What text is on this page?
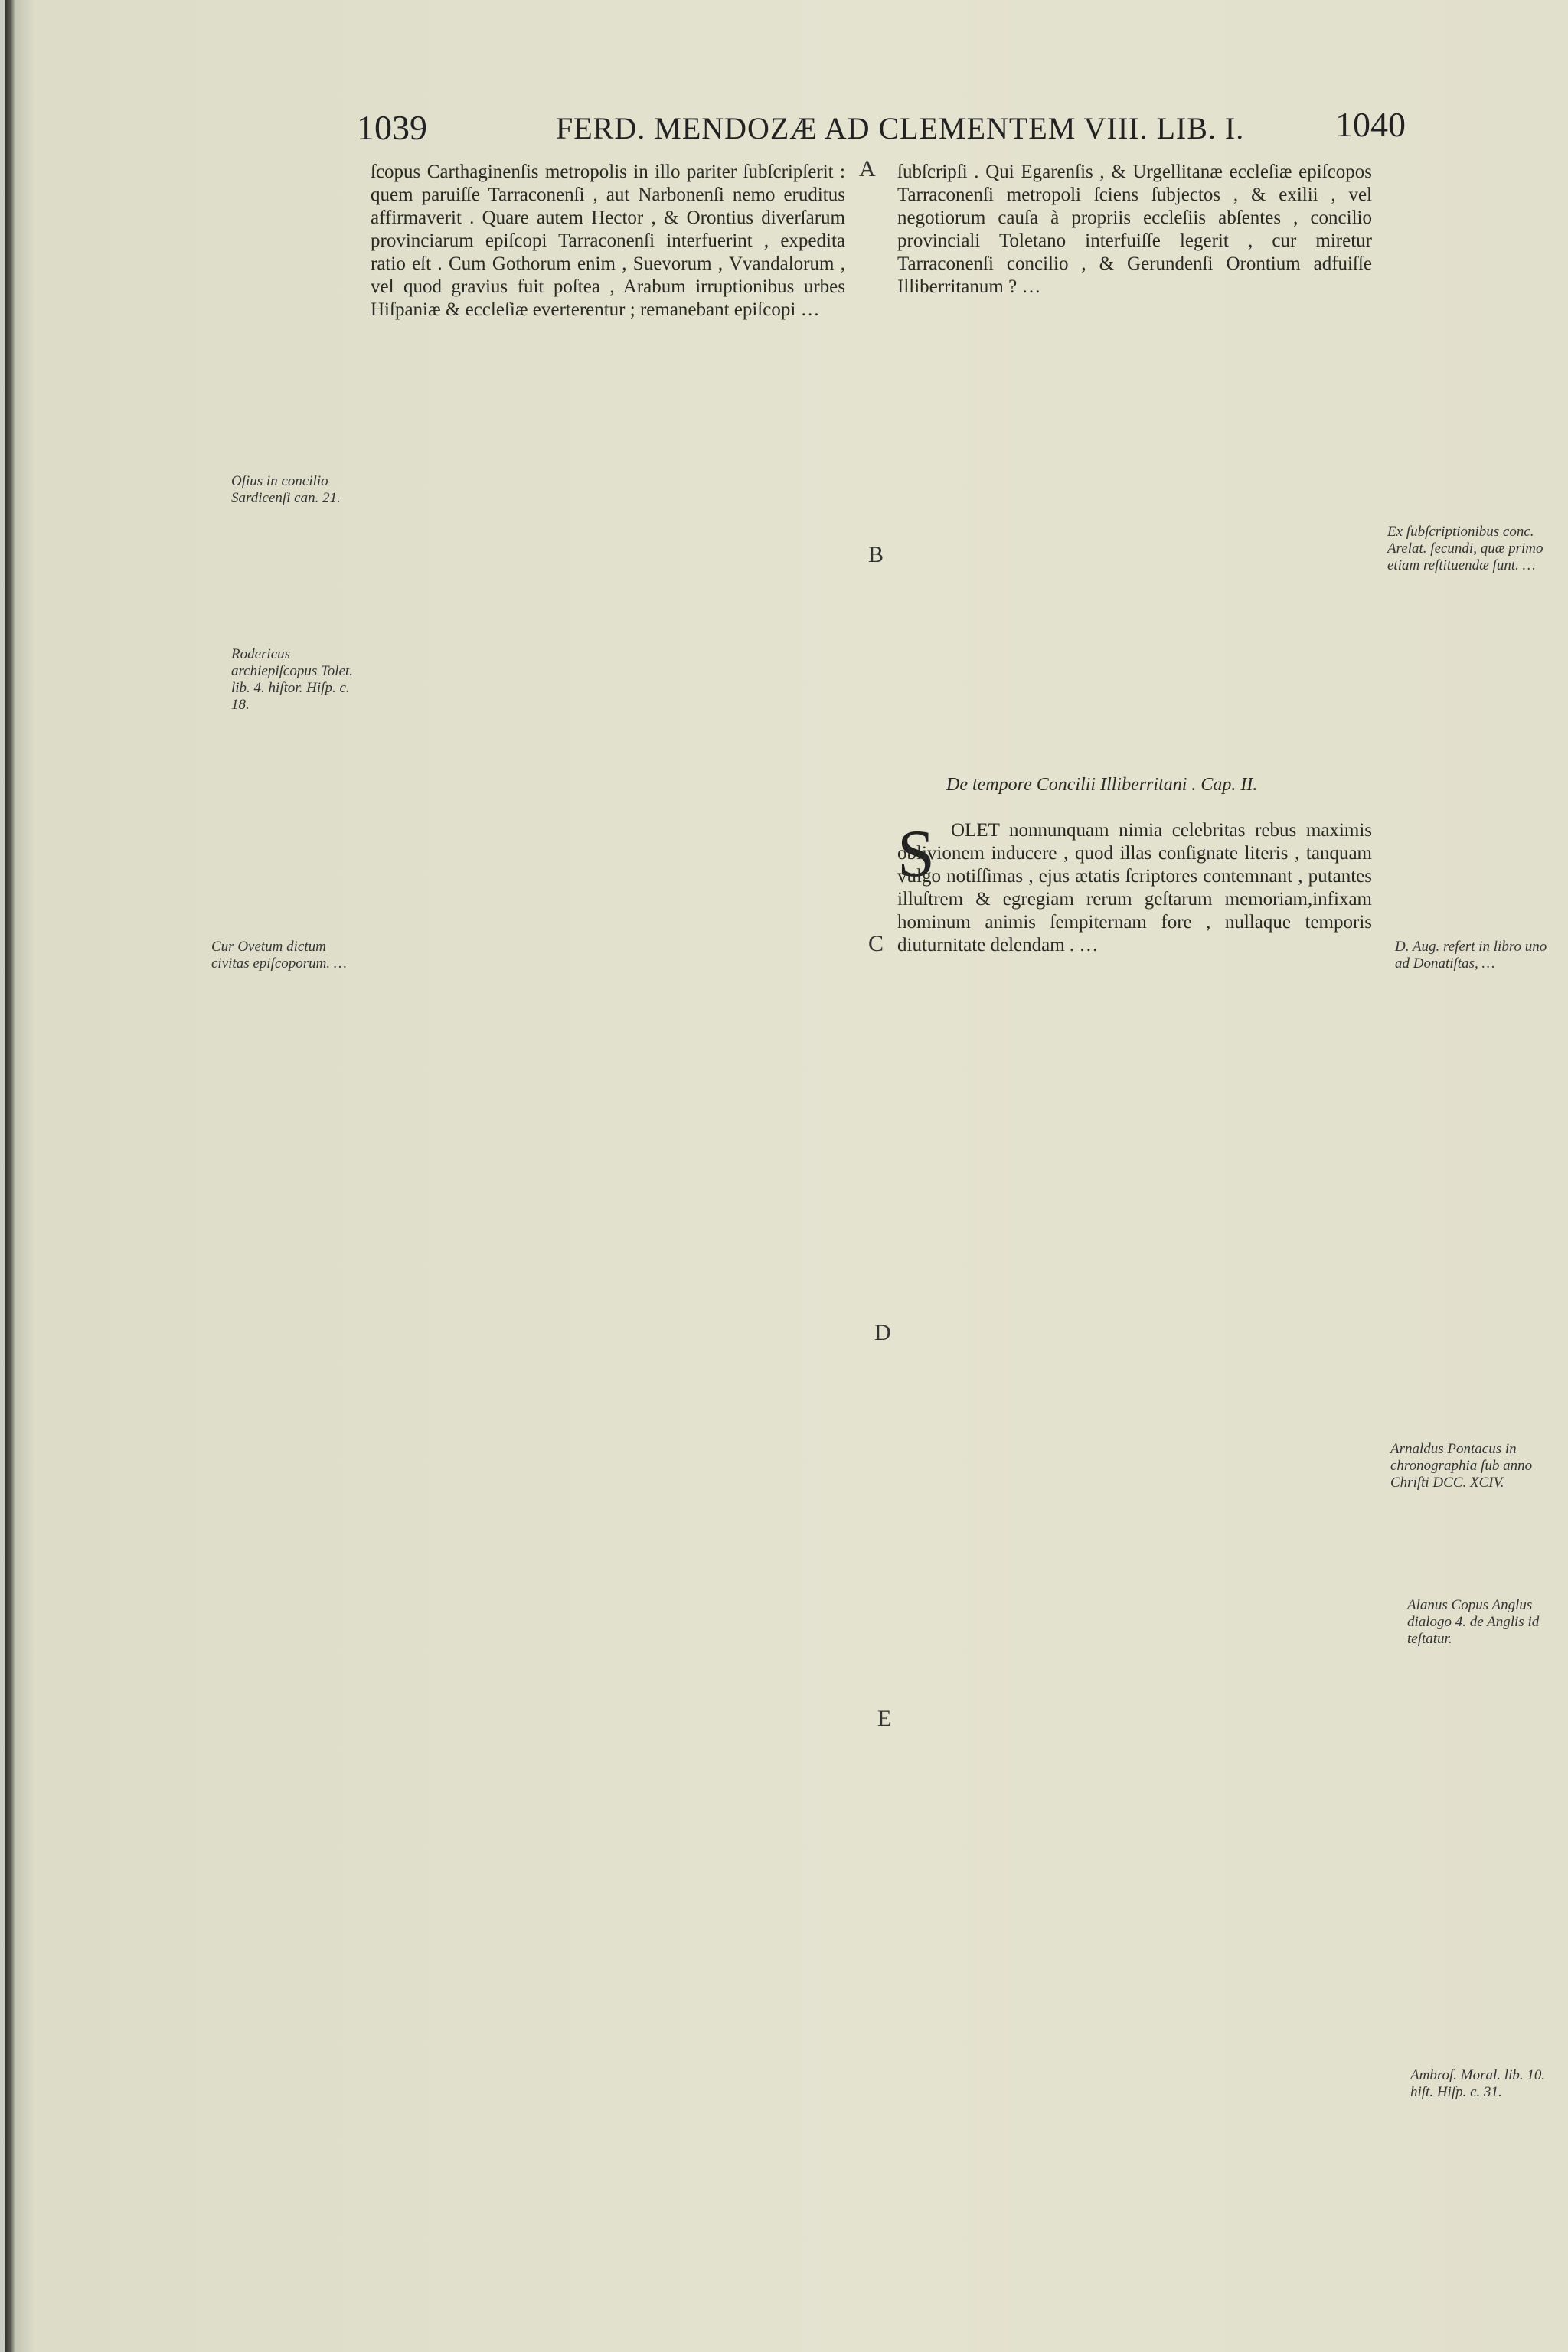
1039	FERD. MENDOZÆ AD CLEMENTEM VIII. LIB. I.	1040
ſcopus Carthaginenſis metropolis in illo pariter ſubſcripſerit : quem paruiſſe Tarraconenſi , aut Narbonenſi nemo eruditus affirmaverit . Quare autem Hector , & Orontius diverſarum provinciarum epiſcopi Tarraconenſi interfuerint , expedita ratio eſt . Cum Gothorum enim , Suevorum , Vvandalorum , vel quod gravius fuit poſtea , Arabum irruptionibus urbes Hiſpaniæ & eccleſiæ everterentur ; remanebant epiſcopi …
ſubſcripſi . Qui Egarenſis , & Urgellitanæ eccleſiæ epiſcopos Tarraconenſi metropoli ſciens ſubjectos , & exilii , vel negotiorum cauſa à propriis eccleſiis abſentes , concilio provinciali Toletano interfuiſſe legerit , cur miretur Tarraconenſi concilio , & Gerundenſi Orontium adfuiſſe Illiberritanum ? …
De tempore Concilii Illiberritani . Cap. II.
S OLET nonnunquam nimia celebritas rebus maximis oblivionem inducere , quod illas conſignate literis , tanquam vulgo notiſſimas , ejus ætatis ſcriptores contemnant , putantes illuſtrem & egregiam rerum geſtarum memoriam,infixam hominum animis ſempiternam fore , nullaque temporis diuturnitate delendam . …
A
B
C
D
E
Oſius in concilio Sardicenſi can. 21.
Rodericus archiepiſcopus Tolet. lib. 4. hiſtor. Hiſp. c. 18.
Cur Ovetum dictum civitas epiſcoporum. …
Ex ſubſcriptionibus conc. Arelat. ſecundi, quæ primo etiam reſtituendæ ſunt. …
D. Aug. refert in libro uno ad Donatiſtas, …
Arnaldus Pontacus in chronographia ſub anno Chriſti DCC. XCIV.
Alanus Copus Anglus dialogo 4. de Anglis id teſtatur.
Ambroſ. Moral. lib. 10. hiſt. Hiſp. c. 31.
